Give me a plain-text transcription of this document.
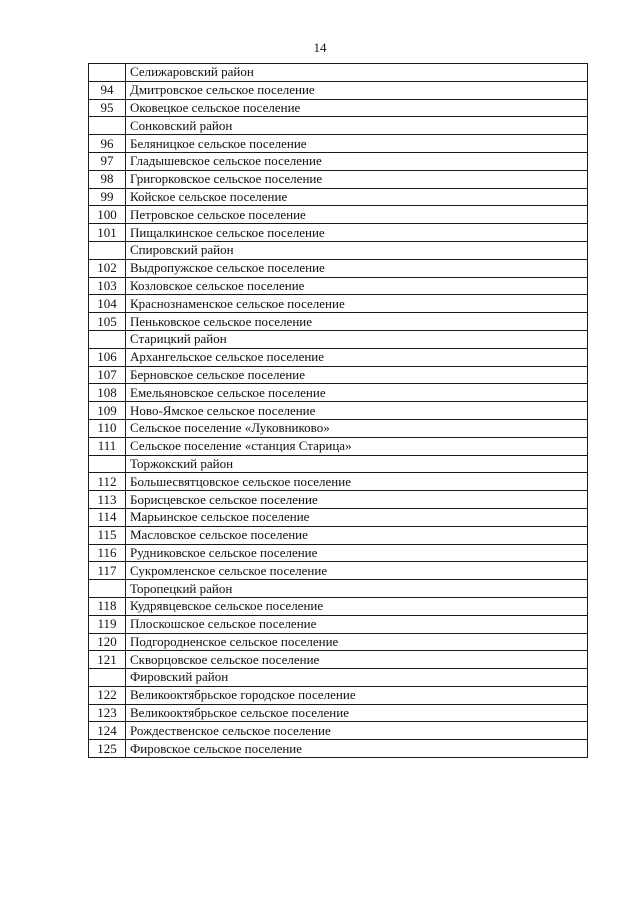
14
	Селижаровский район
94	Дмитровское сельское поселение
95	Оковецкое сельское поселение
	Сонковский район
96	Беляницкое сельское поселение
97	Гладышевское сельское поселение
98	Григорковское сельское поселение
99	Койское сельское поселение
100	Петровское сельское поселение
101	Пищалкинское сельское поселение
	Спировский район
102	Выдропужское сельское поселение
103	Козловское сельское поселение
104	Краснознаменское сельское поселение
105	Пеньковское сельское поселение
	Старицкий район
106	Архангельское сельское поселение
107	Берновское сельское поселение
108	Емельяновское сельское поселение
109	Ново-Ямское сельское поселение
110	Сельское поселение «Луковниково»
111	Сельское поселение «станция Старица»
	Торжокский район
112	Большесвятцовское сельское поселение
113	Борисцевское сельское поселение
114	Марьинское сельское поселение
115	Масловское сельское поселение
116	Рудниковское сельское поселение
117	Сукромленское сельское поселение
	Торопецкий район
118	Кудрявцевское сельское поселение
119	Плоскошское сельское поселение
120	Подгородненское сельское поселение
121	Скворцовское сельское поселение
	Фировский район
122	Великооктябрьское городское поселение
123	Великооктябрьское сельское поселение
124	Рождественское сельское поселение
125	Фировское сельское поселение
